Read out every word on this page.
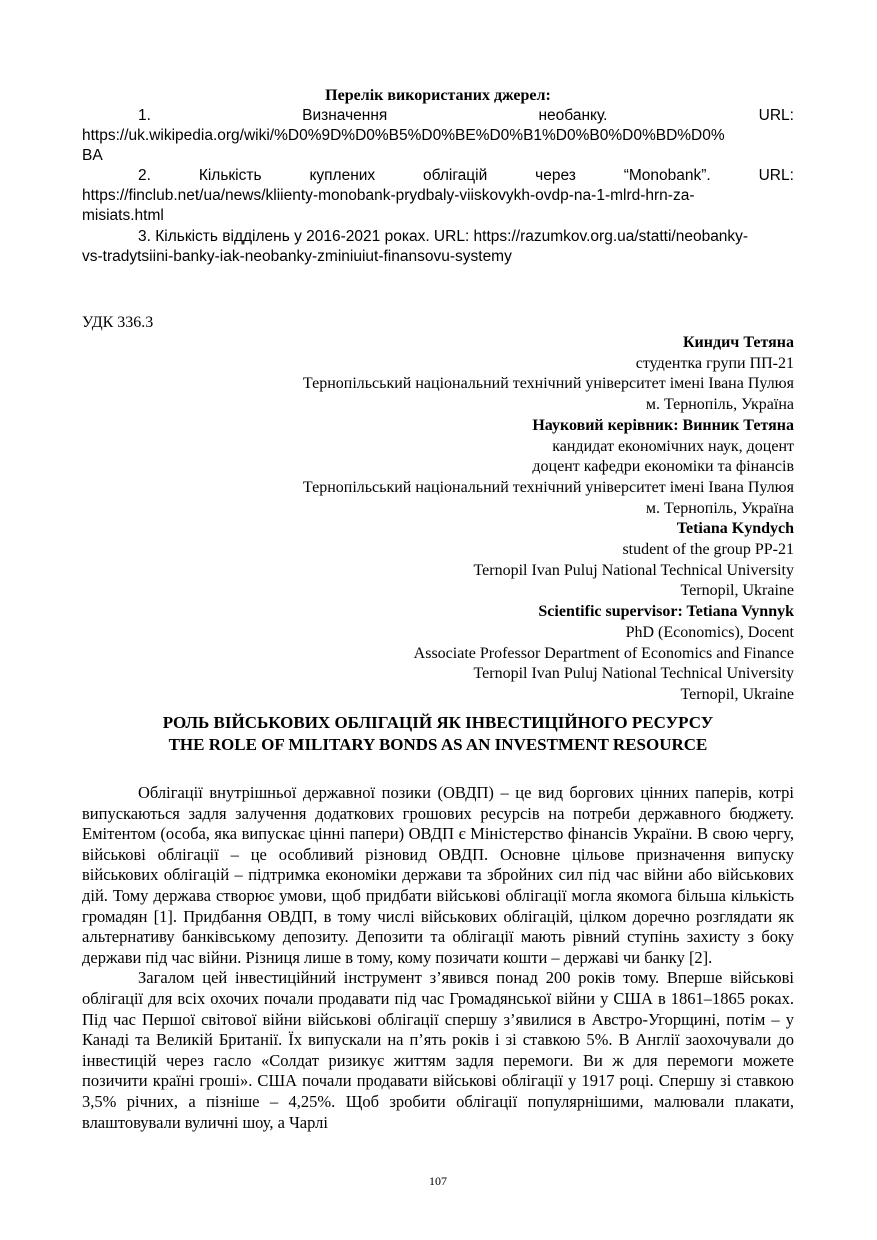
Перелік використаних джерел:
1.	Визначення	необанку.	URL:
https://uk.wikipedia.org/wiki/%D0%9D%D0%B5%D0%BE%D0%B1%D0%B0%D0%BD%D0%
BA
2.	Кількість	куплених	облігацій	через	“Monobank”.	URL:
https://finclub.net/ua/news/kliienty-monobank-prydbaly-viiskovykh-ovdp-na-1-mlrd-hrn-za-
misiats.html
3. Кількість відділень у 2016-2021 роках. URL: https://razumkov.org.ua/statti/neobanky-
vs-tradytsiini-banky-iak-neobanky-zminiuiut-finansovu-systemy
УДК 336.3
Киндич Тетяна
студентка групи ПП-21
Тернопільський національний технічний університет імені Івана Пулюя
м. Тернопіль, Україна
Науковий керівник: Винник Тетяна
кандидат економічних наук, доцент
доцент кафедри економіки та фінансів
Тернопільський національний технічний університет імені Івана Пулюя
м. Тернопіль, Україна
Tetiana Kyndych
student of the group PP-21
Ternopil Ivan Puluj National Technical University
Ternopil, Ukraine
Scientific supervisor: Tetiana Vynnyk
PhD (Economics), Docent
Associate Professor Department of Economics and Finance
Ternopil Ivan Puluj National Technical University
Ternopil, Ukraine
РОЛЬ ВІЙСЬКОВИХ ОБЛІГАЦІЙ ЯК ІНВЕСТИЦІЙНОГО РЕСУРСУ
THE ROLE OF MILITARY BONDS AS AN INVESTMENT RESOURCE

Облігації внутрішньої державної позики (ОВДП) – це вид боргових цінних паперів, котрі випускаються задля залучення додаткових грошових ресурсів на потреби державного бюджету. Емітентом (особа, яка випускає цінні папери) ОВДП є Міністерство фінансів України. В свою чергу, військові облігації – це особливий різновид ОВДП. Основне цільове призначення випуску військових облігацій – підтримка економіки держави та збройних сил під час війни або військових дій. Тому держава створює умови, щоб придбати військові облігації могла якомога більша кількість громадян [1]. Придбання ОВДП, в тому числі військових облігацій, цілком доречно розглядати як альтернативу банківському депозиту. Депозити та облігації мають рівний ступінь захисту з боку держави під час війни. Різниця лише в тому, кому позичати кошти – державі чи банку [2].

Загалом цей інвестиційний інструмент з’явився понад 200 років тому. Вперше військові облігації для всіх охочих почали продавати під час Громадянської війни у США в 1861–1865 роках. Під час Першої світової війни військові облігації спершу з’явилися в Австро-Угорщині, потім – у Канаді та Великій Британії. Їх випускали на п’ять років і зі ставкою 5%. В Англії заохочували до інвестицій через гасло «Солдат ризикує життям задля перемоги. Ви ж для перемоги можете позичити країні гроші». США почали продавати військові облігації у 1917 році. Спершу зі ставкою 3,5% річних, а пізніше – 4,25%. Щоб зробити облігації популярнішими, малювали плакати, влаштовували вуличні шоу, а Чарлі

107
